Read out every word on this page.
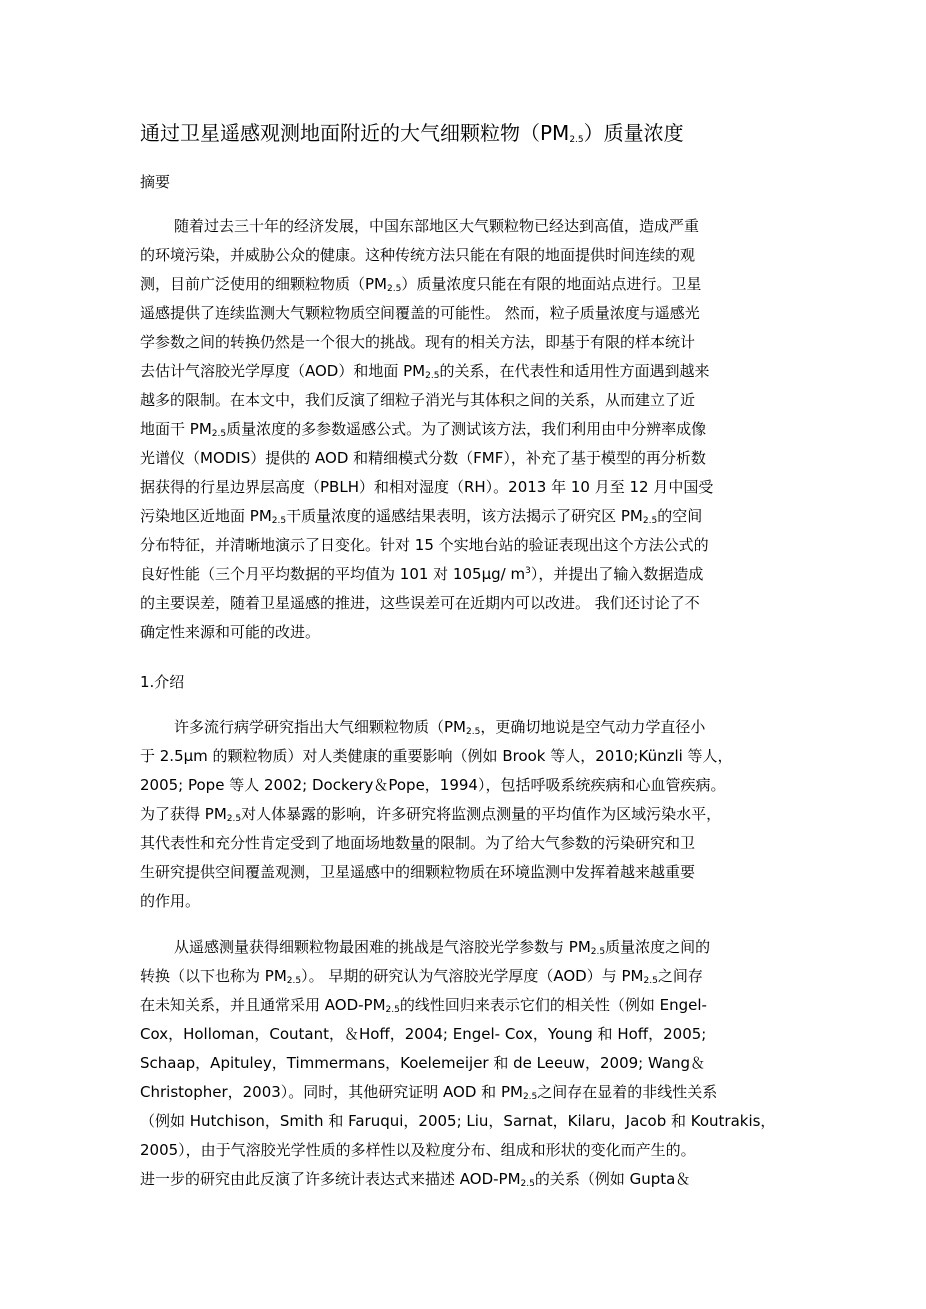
通过卫星遥感观测地面附近的大气细颗粒物$(PM_{2.5})$质量浓度
摘要
随着过去三十年的经济发展，中国东部地区大气颗粒物已经达到高值，造成严重
的环境污染，并威胁公众的健康。这种传统方法只能在有限的地面提供时间连续的观
测，目前广泛使用的细颗粒物质$(PM_{2.5})$质量浓度只能在有限的地面站点进行。卫星
遥感提供了连续监测大气颗粒物质空间覆盖的可能性。 然而，粒子质量浓度与遥感光
学参数之间的转换仍然是一个很大的挑战。现有的相关方法，即基于有限的样本统计
去估计气溶胶光学厚度（AOD）和地面 $PM_{2.5}$的关系，在代表性和适用性方面遇到越来
越多的限制。在本文中，我们反演了细粒子消光与其体积之间的关系，从而建立了近
地面干 $PM_{2.5}$质量浓度的多参数遥感公式。为了测试该方法，我们利用由中分辨率成像
光谱仪（MODIS）提供的 AOD 和精细模式分数（FMF），补充了基于模型的再分析数
据获得的行星边界层高度（PBLH）和相对湿度（RH）。2013 年 10 月至 12 月中国受
污染地区近地面 $PM_{2.5}$干质量浓度的遥感结果表明，该方法揭示了研究区 $PM_{2.5}$的空间
分布特征，并清晰地演示了日变化。针对 15 个实地台站的验证表现出这个方法公式的
良好性能（三个月平均数据的平均值为 101 对 105μg/ $m^3$），并提出了输入数据造成
的主要误差，随着卫星遥感的推进，这些误差可在近期内可以改进。 我们还讨论了不
确定性来源和可能的改进。
1.介绍
许多流行病学研究指出大气细颗粒物质（$PM_{2.5}$，更确切地说是空气动力学直径小
于 2.5μm 的颗粒物质）对人类健康的重要影响（例如 Brook 等人，2010;Künzli 等人，
2005; Pope 等人 2002; Dockery＆Pope，1994），包括呼吸系统疾病和心血管疾病。
为了获得 $PM_{2.5}$对人体暴露的影响，许多研究将监测点测量的平均值作为区域污染水平，
其代表性和充分性肯定受到了地面场地数量的限制。为了给大气参数的污染研究和卫
生研究提供空间覆盖观测，卫星遥感中的细颗粒物质在环境监测中发挥着越来越重要
的作用。
从遥感测量获得细颗粒物最困难的挑战是气溶胶光学参数与 $PM_{2.5}$质量浓度之间的
转换（以下也称为 $PM_{2.5}$）。 早期的研究认为气溶胶光学厚度（AOD）与 $PM_{2.5}$之间存
在未知关系，并且通常采用 AOD-$PM_{2.5}$的线性回归来表示它们的相关性（例如 Engel-
Cox，Holloman，Coutant，＆Hoff，2004; Engel- Cox，Young 和 Hoff，2005;
Schaap，Apituley，Timmermans，Koelemeijer 和 de Leeuw，2009; Wang＆
Christopher，2003）。同时，其他研究证明 AOD 和 $PM_{2.5}$之间存在显着的非线性关系
（例如 Hutchison，Smith 和 Faruqui，2005; Liu，Sarnat，Kilaru，Jacob 和 Koutrakis，
2005），由于气溶胶光学性质的多样性以及粒度分布、组成和形状的变化而产生的。
进一步的研究由此反演了许多统计表达式来描述 AOD-$PM_{2.5}$的关系（例如 Gupta＆
